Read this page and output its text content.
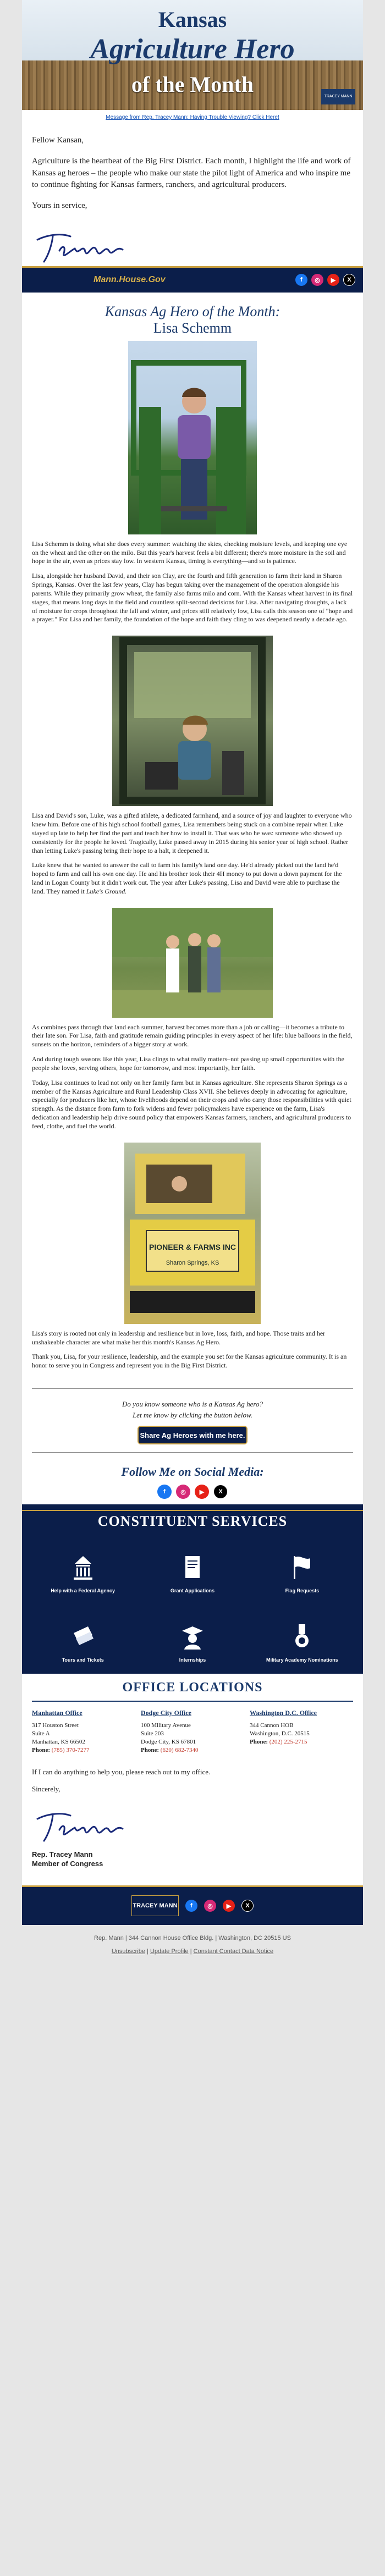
Kansas
Agriculture Hero
of the Month	TRACEY MANN
Message from Rep. Tracey Mann: Having Trouble Viewing? Click Here!

Fellow Kansan,

Agriculture is the heartbeat of the Big First District. Each month, I highlight the life and work of Kansas ag heroes – the people who make our state the pilot light of America and who inspire me to continue fighting for Kansas farmers, ranchers, and agricultural producers.

Yours in service,

Mann.House.Gov	f	◎	▶	X
Kansas Ag Hero of the Month:
Lisa Schemm

Lisa Schemm is doing what she does every summer: watching the skies, checking moisture levels, and keeping one eye on the wheat and the other on the milo. But this year's harvest feels a bit different; there's more moisture in the soil and hope in the air, even as prices stay low. In western Kansas, timing is everything—and so is patience.

Lisa, alongside her husband David, and their son Clay, are the fourth and fifth generation to farm their land in Sharon Springs, Kansas. Over the last few years, Clay has begun taking over the management of the operation alongside his parents. While they primarily grow wheat, the family also farms milo and corn. With the Kansas wheat harvest in its final stages, that means long days in the field and countless split-second decisions for Lisa. After navigating droughts, a lack of moisture for crops throughout the fall and winter, and prices still relatively low, Lisa calls this season one of "hope and a prayer." For Lisa and her family, the foundation of the hope and faith they cling to was deepened nearly a decade ago.

Lisa and David's son, Luke, was a gifted athlete, a dedicated farmhand, and a source of joy and laughter to everyone who knew him. Before one of his high school football games, Lisa remembers being stuck on a combine repair when Luke stayed up late to help her find the part and teach her how to install it. That was who he was: someone who showed up consistently for the people he loved. Tragically, Luke passed away in 2015 during his senior year of high school. Rather than letting Luke's passing bring their hope to a halt, it deepened it.

Luke knew that he wanted to answer the call to farm his family's land one day. He'd already picked out the land he'd hoped to farm and call his own one day. He and his brother took their 4H money to put down a down payment for the land in Logan County but it didn't work out. The year after Luke's passing, Lisa and David were able to purchase the land. They named it Luke's Ground.

As combines pass through that land each summer, harvest becomes more than a job or calling—it becomes a tribute to their late son. For Lisa, faith and gratitude remain guiding principles in every aspect of her life: blue balloons in the field, sunsets on the horizon, reminders of a bigger story at work.

And during tough seasons like this year, Lisa clings to what really matters–not passing up small opportunities with the people she loves, serving others, hope for tomorrow, and most importantly, her faith.

Today, Lisa continues to lead not only on her family farm but in Kansas agriculture. She represents Sharon Springs as a member of the Kansas Agriculture and Rural Leadership Class XVII. She believes deeply in advocating for agriculture, especially for producers like her, whose livelihoods depend on their crops and who carry those responsibilities with quiet strength. As the distance from farm to fork widens and fewer policymakers have experience on the farm, Lisa's dedication and leadership help drive sound policy that empowers Kansas farmers, ranchers, and agricultural producers to feed, clothe, and fuel the world.

PIONEER & FARMS INC
Sharon Springs, KS

Lisa's story is rooted not only in leadership and resilience but in love, loss, faith, and hope. Those traits and her unshakeable character are what make her this month's Kansas Ag Hero.

Thank you, Lisa, for your resilience, leadership, and the example you set for the Kansas agriculture community. It is an honor to serve you in Congress and represent you in the Big First District.

Do you know someone who is a Kansas Ag hero?
Let me know by clicking the button below.
Share Ag Heroes with me here.
Follow Me on Social Media:
f	◎	▶	X
CONSTITUENT SERVICES
Help with a Federal Agency	Grant Applications	Flag Requests
Tours and Tickets	Internships	Military Academy Nominations
OFFICE LOCATIONS
Manhattan Office
317 Houston Street
Suite A
Manhattan, KS 66502
Phone: (785) 370-7277
Dodge City Office
100 Military Avenue
Suite 203
Dodge City, KS 67801
Phone: (620) 682-7340
Washington D.C. Office
344 Cannon HOB
Washington, D.C. 20515
Phone: (202) 225-2715

If I can do anything to help you, please reach out to my office.

Sincerely,

Rep. Tracey Mann
Member of Congress
TRACEY MANN	f	◎	▶	X
Rep. Mann | 344 Cannon House Office Bldg. | Washington, DC 20515 US
Unsubscribe | Update Profile | Constant Contact Data Notice
